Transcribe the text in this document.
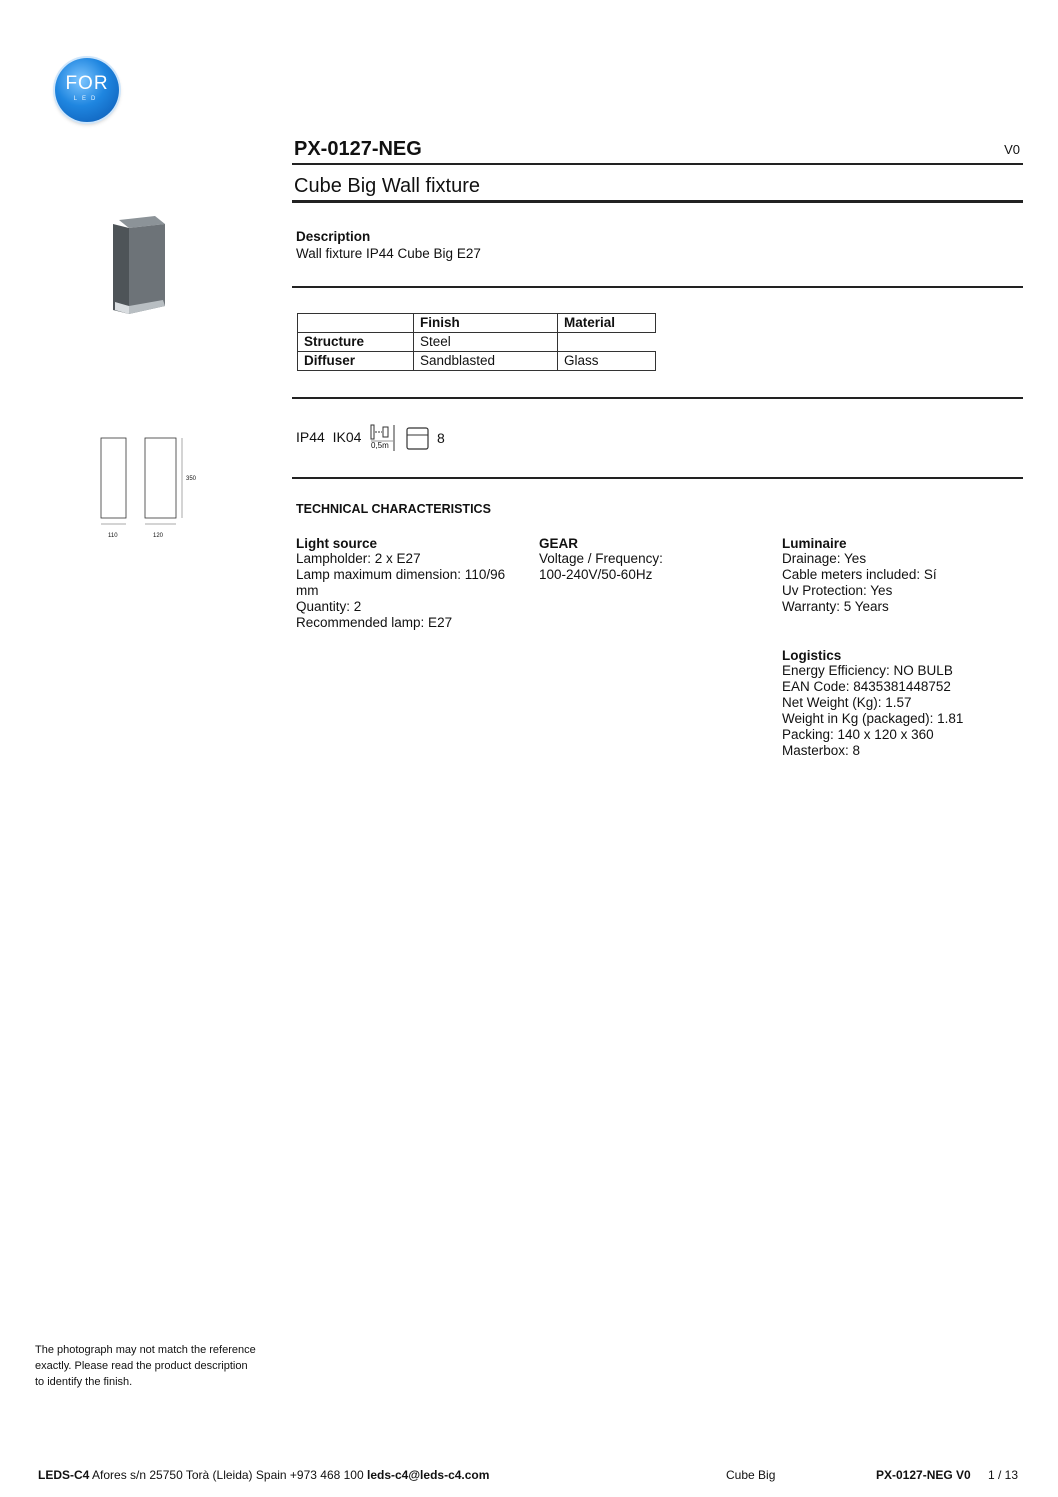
FOR
LED
PX-0127-NEG	V0
Cube Big Wall fixture
Description
Wall fixture IP44 Cube Big E27
	Finish	Material
Structure	Steel	
Diffuser	Sandblasted	Glass
IP44 IK04
0,5m	8
350
110	120
TECHNICAL CHARACTERISTICS
Light source
Lampholder: 2 x E27
Lamp maximum dimension: 110/96
mm
Quantity: 2
Recommended lamp: E27
GEAR
Voltage / Frequency:
100-240V/50-60Hz
Luminaire
Drainage: Yes
Cable meters included: Sí
Uv Protection: Yes
Warranty: 5 Years
Logistics
Energy Efficiency: NO BULB
EAN Code: 8435381448752
Net Weight (Kg): 1.57
Weight in Kg (packaged): 1.81
Packing: 140 x 120 x 360
Masterbox: 8
The photograph may not match the reference
exactly. Please read the product description
to identify the finish.
LEDS-C4 Afores s/n 25750 Torà (Lleida) Spain +973 468 100 leds-c4@leds-c4.com	Cube Big	PX-0127-NEG V0 1 / 13
